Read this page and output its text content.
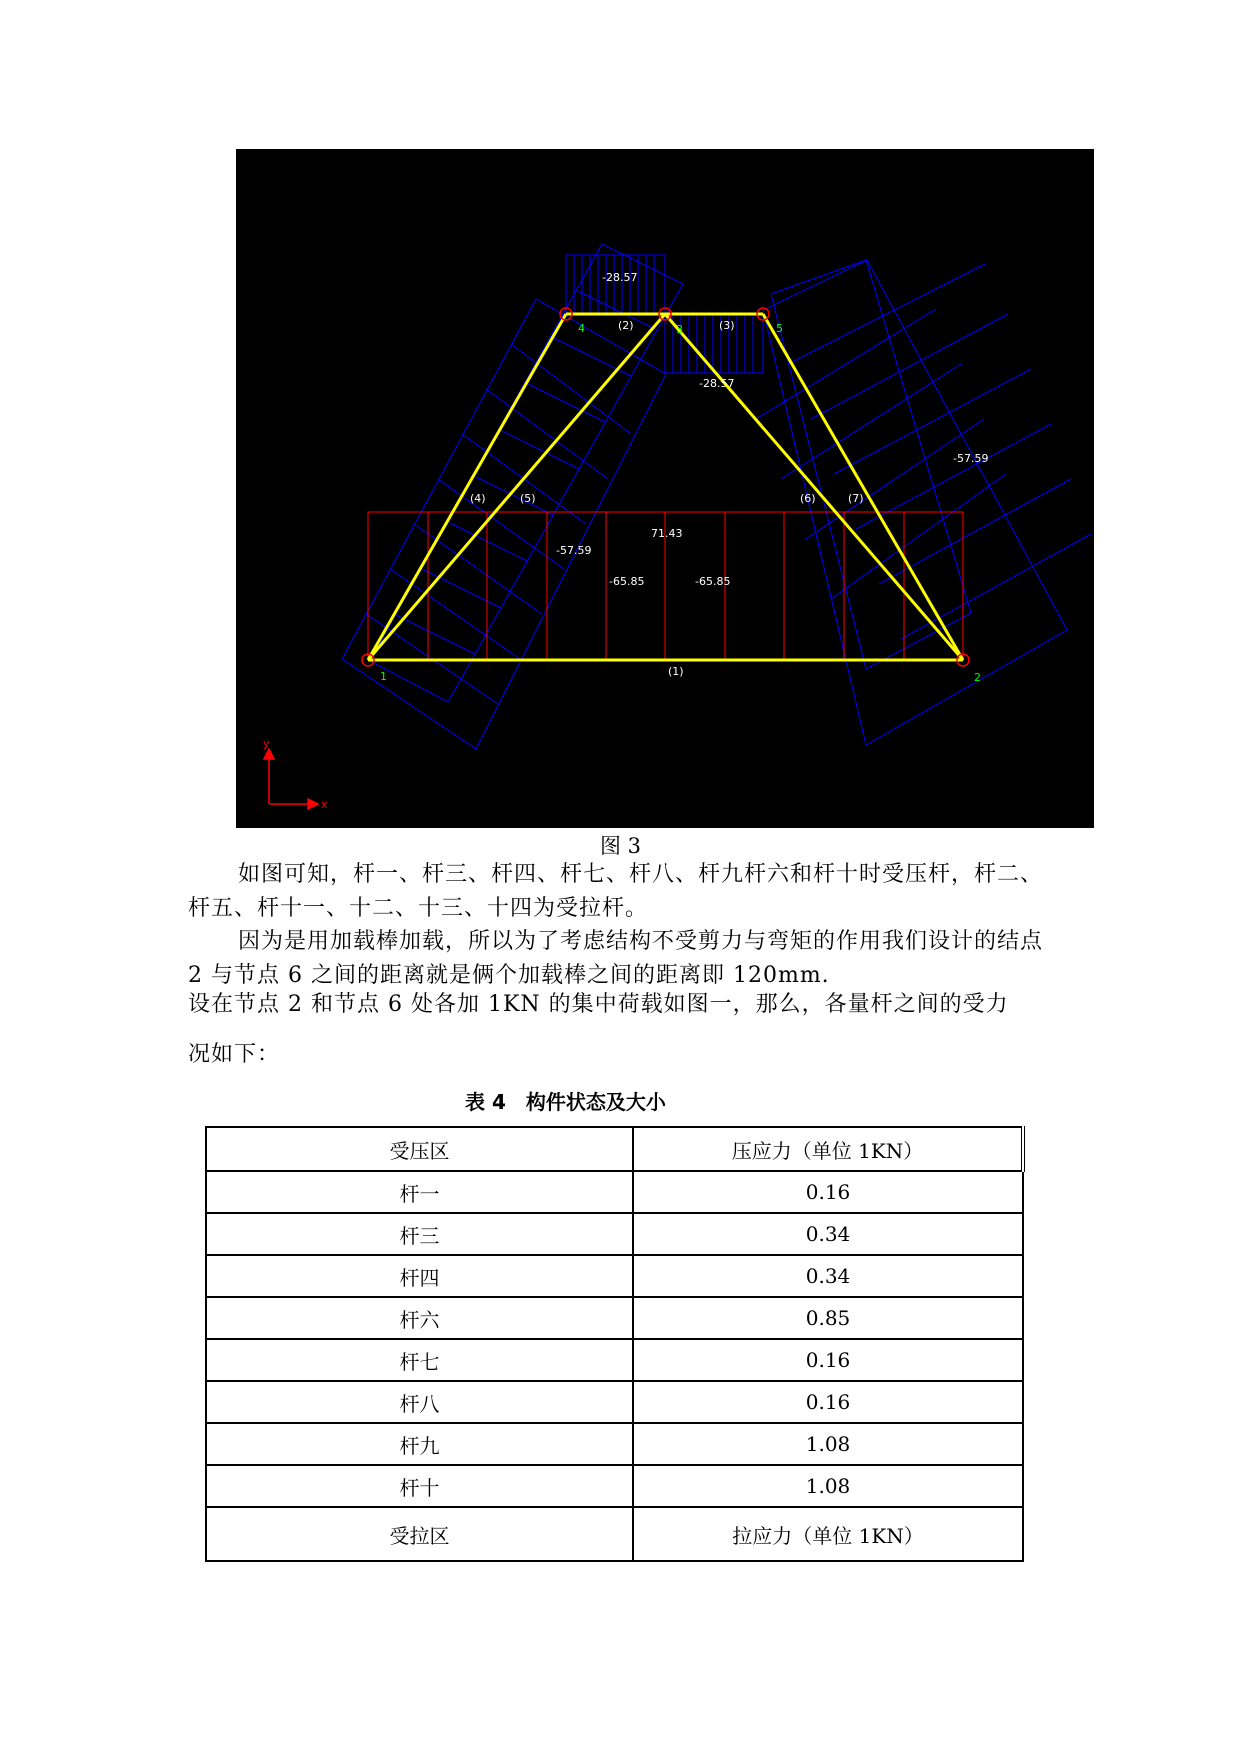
(1)
(2)	(3)
(4)	(5)	(6)	(7)
1	2
4	5
3
-28.57
-28.57
-57.59
-57.59
71.43
-65.85	-65.85
y
x
图 3

如图可知，杆一、杆三、杆四、杆七、杆八、杆九杆六和杆十时受压杆，杆二、杆五、杆十一、十二、十三、十四为受拉杆。

因为是用加载棒加载，所以为了考虑结构不受剪力与弯矩的作用我们设计的结点 2 与节点 6 之间的距离就是俩个加载棒之间的距离即 120mm.

设在节点 2 和节点 6 处各加 1KN 的集中荷载如图一，那么，各量杆之间的受力

况如下：

表 4　构件状态及大小
受压区	压应力（单位 1KN）
杆一	0.16
杆三	0.34
杆四	0.34
杆六	0.85
杆七	0.16
杆八	0.16
杆九	1.08
杆十	1.08
受拉区	拉应力（单位 1KN）
